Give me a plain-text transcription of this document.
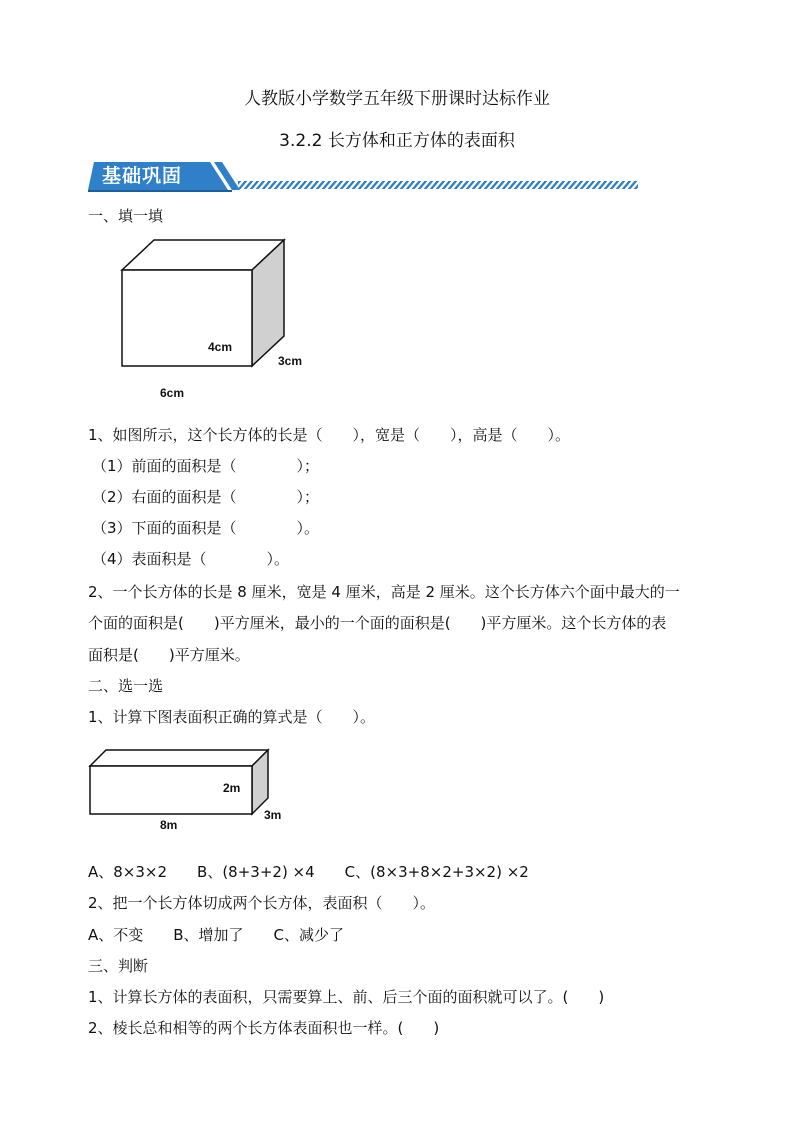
人教版小学数学五年级下册课时达标作业
3.2.2 长方体和正方体的表面积
基础巩固
一、填一填
4cm
3cm
6cm
1、如图所示，这个长方体的长是（　　），宽是（　　），高是（　　）。
（1）前面的面积是（　　　　）；
（2）右面的面积是（　　　　）；
（3）下面的面积是（　　　　）。
（4）表面积是（　　　　）。
2、一个长方体的长是 8 厘米，宽是 4 厘米，高是 2 厘米。这个长方体六个面中最大的一
个面的面积是(　　)平方厘米，最小的一个面的面积是(　　)平方厘米。这个长方体的表
面积是(　　)平方厘米。
二、选一选
1、计算下图表面积正确的算式是（　　）。
2m
3m
8m
A、8×3×2　　B、(8+3+2) ×4　　C、(8×3+8×2+3×2) ×2
2、把一个长方体切成两个长方体，表面积（　　）。
A、不变　　B、增加了　　C、减少了
三、判断
1、计算长方体的表面积，只需要算上、前、后三个面的面积就可以了。(　　)
2、棱长总和相等的两个长方体表面积也一样。(　　)
